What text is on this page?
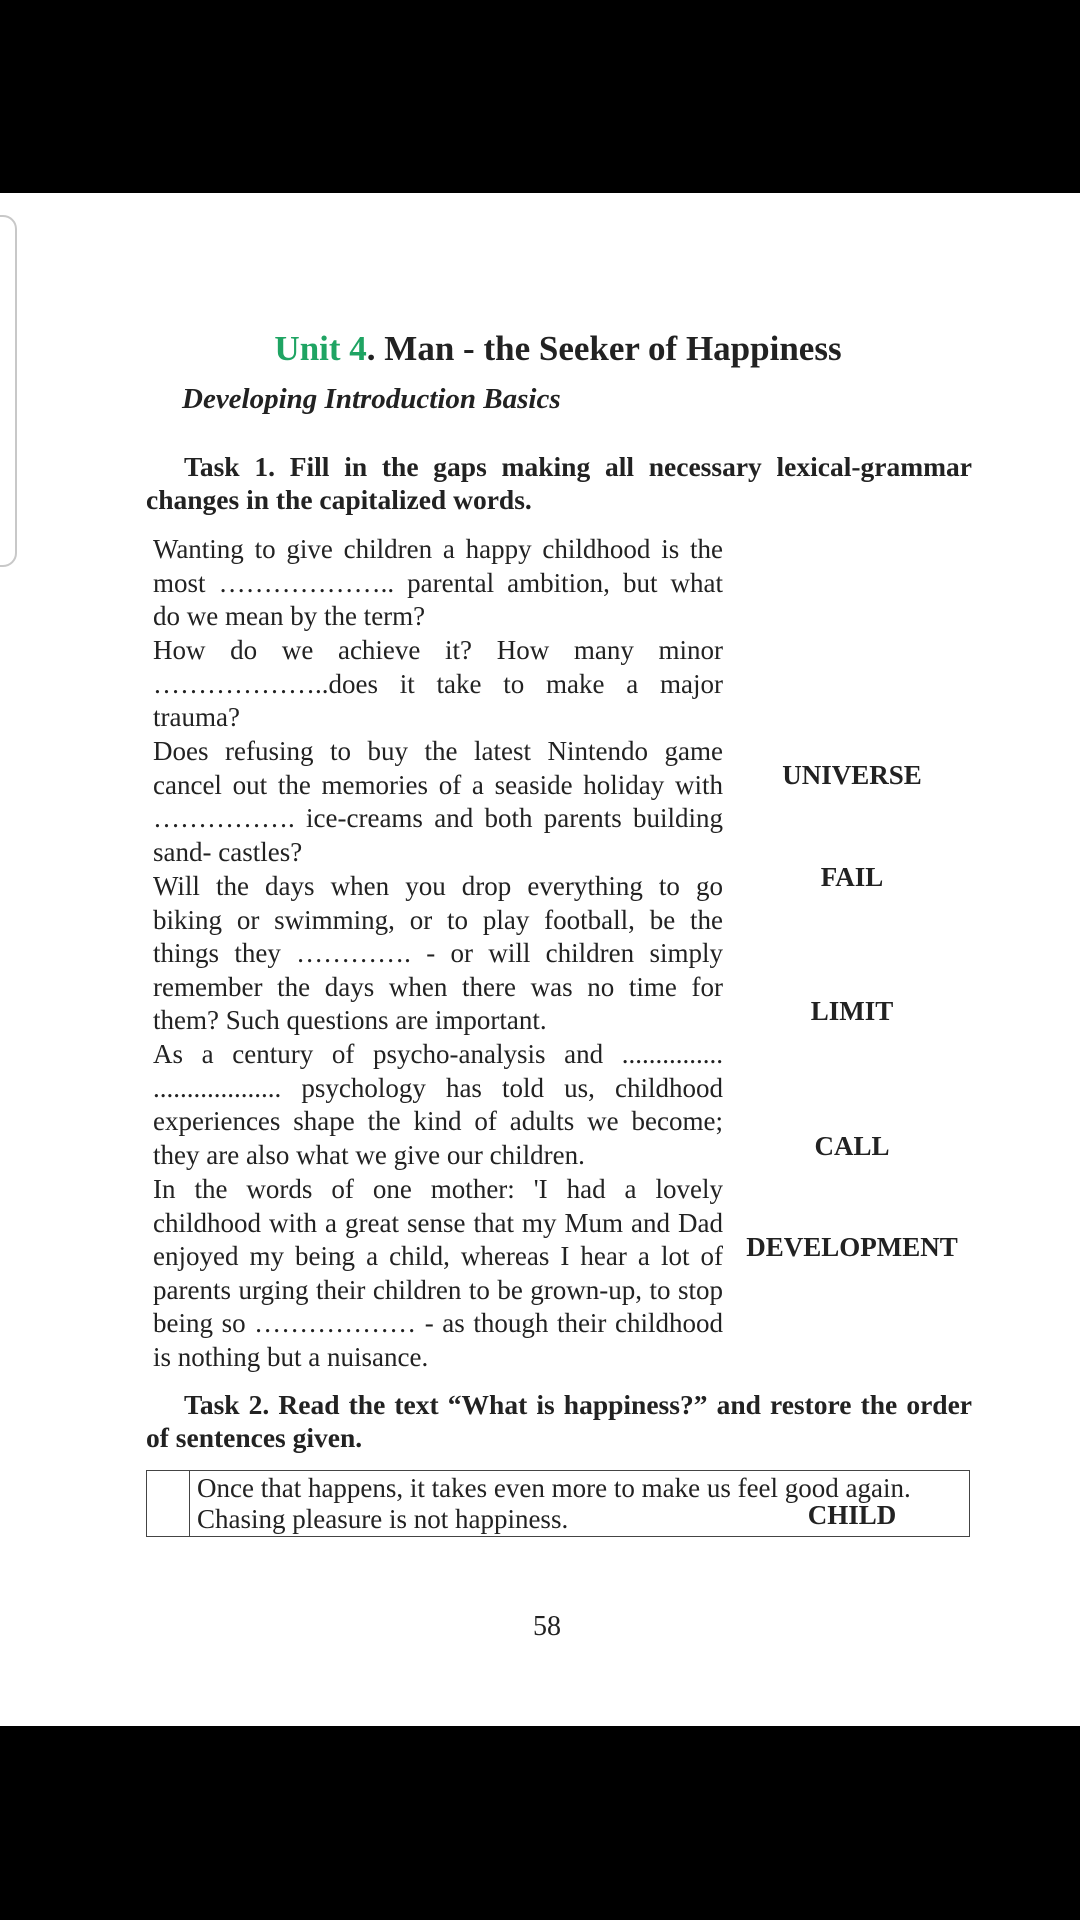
Unit 4. Man - the Seeker of Happiness
Developing Introduction Basics
Task 1. Fill in the gaps making all necessary lexical-grammar changes in the capitalized words.
Wanting to give children a happy childhood is the most ……………….. parental ambition, but what do we mean by the term?
UNIVERSE
How do we achieve it? How many minor ………………..does it take to make a major trauma?
FAIL
Does refusing to buy the latest Nintendo game cancel out the memories of a seaside holiday with ……………. ice-creams and both parents building sand- castles?
LIMIT
Will the days when you drop everything to go biking or swimming, or to play football, be the things they …………. - or will children simply remember the days when there was no time for them? Such questions are important.
CALL
As a century of psycho-analysis and ............... ................... psychology has told us, childhood experiences shape the kind of adults we become; they are also what we give our children.
DEVELOPMENT
In the words of one mother: 'I had a lovely childhood with a great sense that my Mum and Dad enjoyed my being a child, whereas I hear a lot of parents urging their children to be grown-up, to stop being so ……………… - as though their childhood is nothing but a nuisance.
CHILD
Task 2. Read the text “What is happiness?” and restore the order of sentences given.
Once that happens, it takes even more to make us feel good again. Chasing pleasure is not happiness.
58
